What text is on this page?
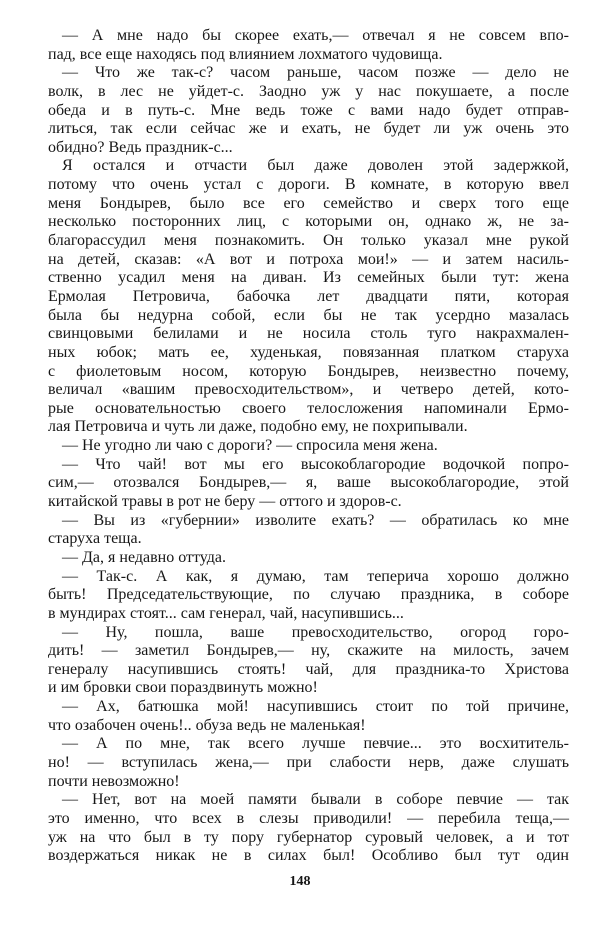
— А мне надо бы скорее ехать,— отвечал я не совсем впо-
пад, все еще находясь под влиянием лохматого чудовища.
— Что же так-с? часом раньше, часом позже — дело не
волк, в лес не уйдет-с. Заодно уж у нас покушаете, а после
обеда и в путь-с. Мне ведь тоже с вами надо будет отправ-
литься, так если сейчас же и ехать, не будет ли уж очень это
обидно? Ведь праздник-с...
Я остался и отчасти был даже доволен этой задержкой,
потому что очень устал с дороги. В комнате, в которую ввел
меня Бондырев, было все его семейство и сверх того еще
несколько посторонних лиц, с которыми он, однако ж, не за-
благорассудил меня познакомить. Он только указал мне рукой
на детей, сказав: «А вот и потроха мои!» — и затем насиль-
ственно усадил меня на диван. Из семейных были тут: жена
Ермолая Петровича, бабочка лет двадцати пяти, которая
была бы недурна собой, если бы не так усердно мазалась
свинцовыми белилами и не носила столь туго накрахмален-
ных юбок; мать ее, худенькая, повязанная платком старуха
с фиолетовым носом, которую Бондырев, неизвестно почему,
величал «вашим превосходительством», и четверо детей, кото-
рые основательностью своего телосложения напоминали Ермо-
лая Петровича и чуть ли даже, подобно ему, не похрипывали.
— Не угодно ли чаю с дороги? — спросила меня жена.
— Что чай! вот мы его высокоблагородие водочкой попро-
сим,— отозвался Бондырев,— я, ваше высокоблагородие, этой
китайской травы в рот не беру — оттого и здоров-с.
— Вы из «губернии» изволите ехать? — обратилась ко мне
старуха теща.
— Да, я недавно оттуда.
— Так-с. А как, я думаю, там теперича хорошо должно
быть! Председательствующие, по случаю праздника, в соборе
в мундирах стоят... сам генерал, чай, насупившись...
— Ну, пошла, ваше превосходительство, огород горо-
дить! — заметил Бондырев,— ну, скажите на милость, зачем
генералу насупившись стоять! чай, для праздника-то Христова
и им бровки свои пораздвинуть можно!
— Ах, батюшка мой! насупившись стоит по той причине,
что озабочен очень!.. обуза ведь не маленькая!
— А по мне, так всего лучше певчие... это восхититель-
но! — вступилась жена,— при слабости нерв, даже слушать
почти невозможно!
— Нет, вот на моей памяти бывали в соборе певчие — так
это именно, что всех в слезы приводили! — перебила теща,—
уж на что был в ту пору губернатор суровый человек, а и тот
воздержаться никак не в силах был! Особливо был тут один
148
